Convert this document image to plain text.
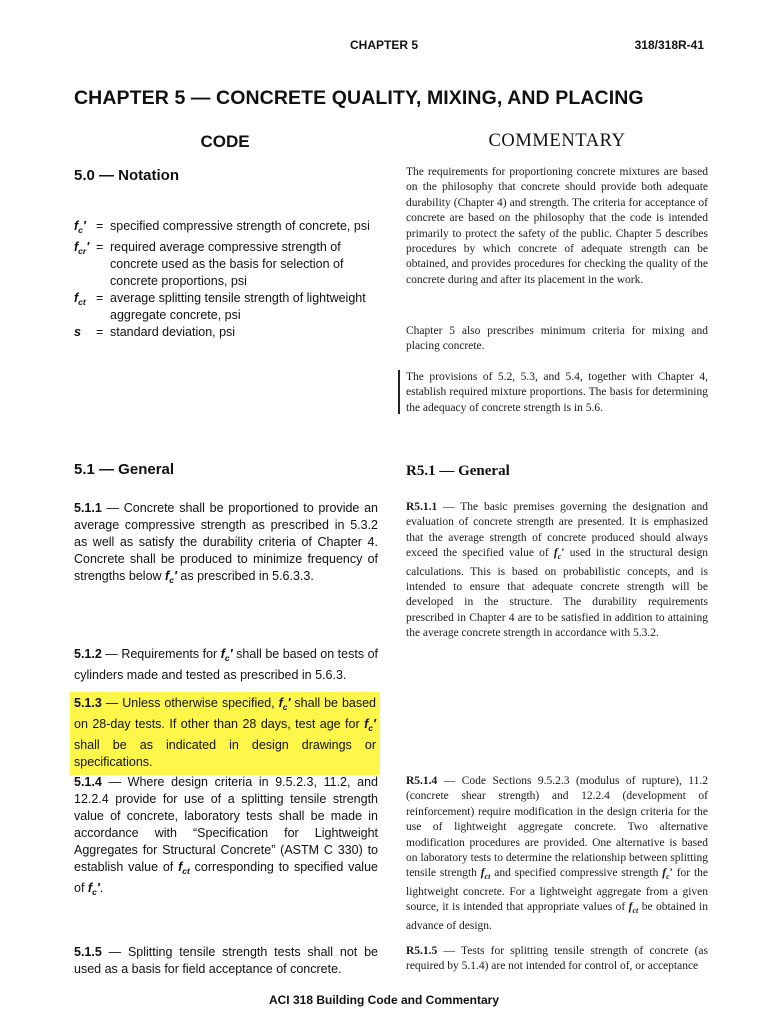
CHAPTER 5	318/318R-41
CHAPTER 5 — CONCRETE QUALITY, MIXING, AND PLACING
CODE	COMMENTARY
5.0 — Notation
$f_c'$ = specified compressive strength of concrete, psi
$f_{cr}'$ = required average compressive strength of concrete used as the basis for selection of concrete proportions, psi
$f_{ct}$ = average splitting tensile strength of lightweight aggregate concrete, psi
s	= standard deviation, psi
5.1 — General
5.1.1 — Concrete shall be proportioned to provide an average compressive strength as prescribed in 5.3.2 as well as satisfy the durability criteria of Chapter 4. Concrete shall be produced to minimize frequency of strengths below $f_c'$ as prescribed in 5.6.3.3.
5.1.2 — Requirements for $f_c'$ shall be based on tests of cylinders made and tested as prescribed in 5.6.3.
5.1.3 — Unless otherwise specified, $f_c'$ shall be based on 28-day tests. If other than 28 days, test age for $f_c'$ shall be as indicated in design drawings or specifications.
5.1.4 — Where design criteria in 9.5.2.3, 11.2, and 12.2.4 provide for use of a splitting tensile strength value of concrete, laboratory tests shall be made in accordance with “Specification for Lightweight Aggregates for Structural Concrete” (ASTM C 330) to establish value of $f_{ct}$ corresponding to specified value of $f_c'$.
5.1.5 — Splitting tensile strength tests shall not be used as a basis for field acceptance of concrete.
The requirements for proportioning concrete mixtures are based on the philosophy that concrete should provide both adequate durability (Chapter 4) and strength. The criteria for acceptance of concrete are based on the philosophy that the code is intended primarily to protect the safety of the public. Chapter 5 describes procedures by which concrete of adequate strength can be obtained, and provides procedures for checking the quality of the concrete during and after its placement in the work.
Chapter 5 also prescribes minimum criteria for mixing and placing concrete.
The provisions of 5.2, 5.3, and 5.4, together with Chapter 4, establish required mixture proportions. The basis for determining the adequacy of concrete strength is in 5.6.
R5.1 — General
R5.1.1 — The basic premises governing the designation and evaluation of concrete strength are presented. It is emphasized that the average strength of concrete produced should always exceed the specified value of $f_c'$ used in the structural design calculations. This is based on probabilistic concepts, and is intended to ensure that adequate concrete strength will be developed in the structure. The durability requirements prescribed in Chapter 4 are to be satisfied in addition to attaining the average concrete strength in accordance with 5.3.2.
R5.1.4 — Code Sections 9.5.2.3 (modulus of rupture), 11.2 (concrete shear strength) and 12.2.4 (development of reinforcement) require modification in the design criteria for the use of lightweight aggregate concrete. Two alternative modification procedures are provided. One alternative is based on laboratory tests to determine the relationship between splitting tensile strength $f_{ct}$ and specified compressive strength $f_c'$ for the lightweight concrete. For a lightweight aggregate from a given source, it is intended that appropriate values of $f_{ct}$ be obtained in advance of design.
R5.1.5 — Tests for splitting tensile strength of concrete (as required by 5.1.4) are not intended for control of, or acceptance
ACI 318 Building Code and Commentary
